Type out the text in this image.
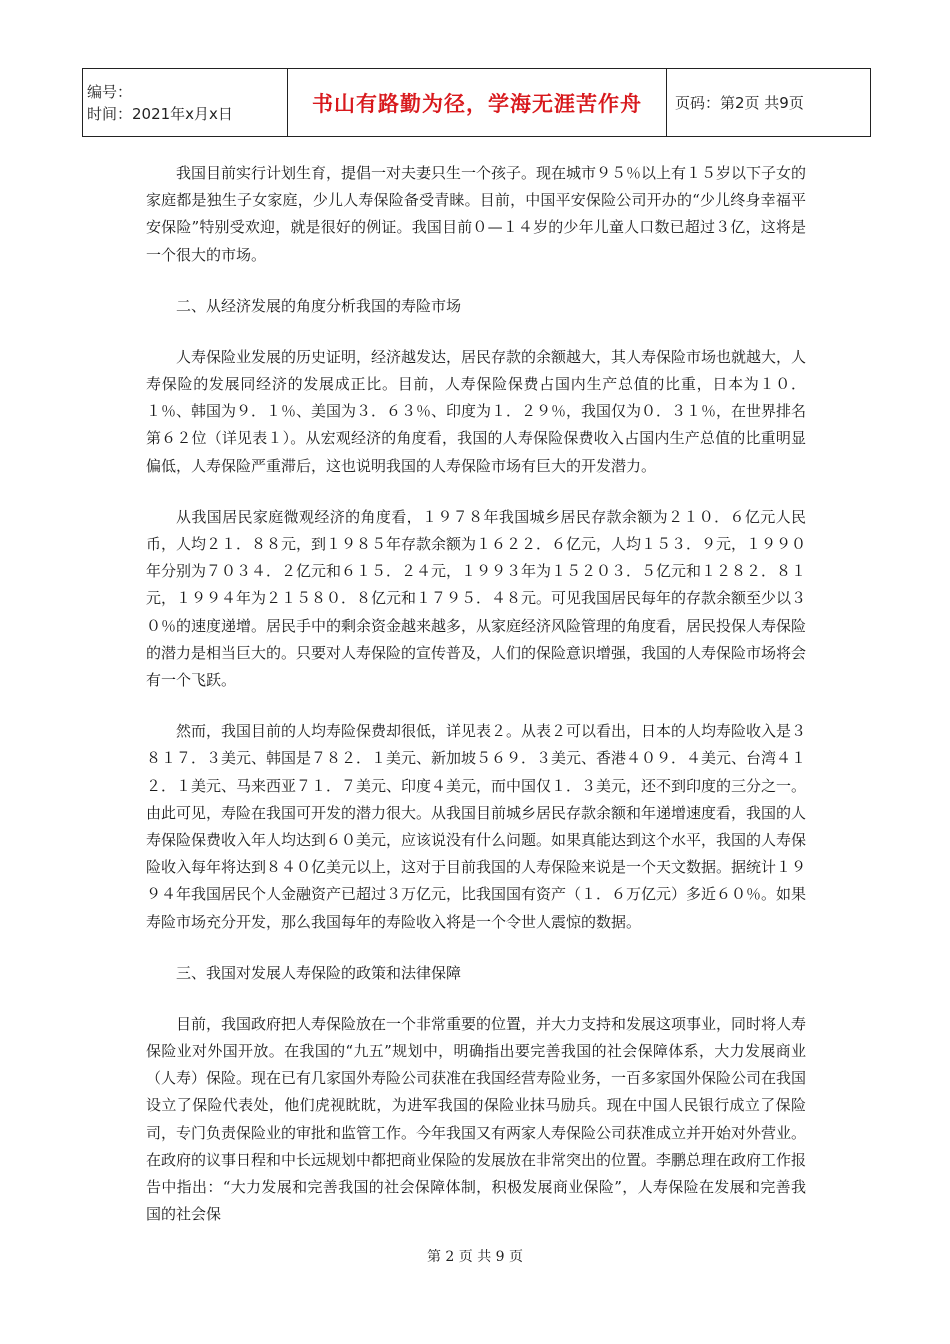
编号：
时间：2021年x月x日	书山有路勤为径，学海无涯苦作舟	页码：第2页 共9页

我国目前实行计划生育，提倡一对夫妻只生一个孩子。现在城市９５％以上有１５岁以下子女的家庭都是独生子女家庭，少儿人寿保险备受青睐。目前，中国平安保险公司开办的“少儿终身幸福平安保险”特别受欢迎，就是很好的例证。我国目前０—１４岁的少年儿童人口数已超过３亿，这将是一个很大的市场。

二、从经济发展的角度分析我国的寿险市场

人寿保险业发展的历史证明，经济越发达，居民存款的余额越大，其人寿保险市场也就越大，人寿保险的发展同经济的发展成正比。目前，人寿保险保费占国内生产总值的比重，日本为１０．１％、韩国为９．１％、美国为３．６３％、印度为１．２９％，我国仅为０．３１％，在世界排名第６２位（详见表１）。从宏观经济的角度看，我国的人寿保险保费收入占国内生产总值的比重明显偏低，人寿保险严重滞后，这也说明我国的人寿保险市场有巨大的开发潜力。

从我国居民家庭微观经济的角度看，１９７８年我国城乡居民存款余额为２１０．６亿元人民币，人均２１．８８元，到１９８５年存款余额为１６２２．６亿元，人均１５３．９元，１９９０年分别为７０３４．２亿元和６１５．２４元，１９９３年为１５２０３．５亿元和１２８２．８１元，１９９４年为２１５８０．８亿元和１７９５．４８元。可见我国居民每年的存款余额至少以３０％的速度递增。居民手中的剩余资金越来越多，从家庭经济风险管理的角度看，居民投保人寿保险的潜力是相当巨大的。只要对人寿保险的宣传普及，人们的保险意识增强，我国的人寿保险市场将会有一个飞跃。

然而，我国目前的人均寿险保费却很低，详见表２。从表２可以看出，日本的人均寿险收入是３８１７．３美元、韩国是７８２．１美元、新加坡５６９．３美元、香港４０９．４美元、台湾４１２．１美元、马来西亚７１．７美元、印度４美元，而中国仅１．３美元，还不到印度的三分之一。由此可见，寿险在我国可开发的潜力很大。从我国目前城乡居民存款余额和年递增速度看，我国的人寿保险保费收入年人均达到６０美元，应该说没有什么问题。如果真能达到这个水平，我国的人寿保险收入每年将达到８４０亿美元以上，这对于目前我国的人寿保险来说是一个天文数据。据统计１９９４年我国居民个人金融资产已超过３万亿元，比我国国有资产（１．６万亿元）多近６０％。如果寿险市场充分开发，那么我国每年的寿险收入将是一个令世人震惊的数据。

三、我国对发展人寿保险的政策和法律保障

目前，我国政府把人寿保险放在一个非常重要的位置，并大力支持和发展这项事业，同时将人寿保险业对外国开放。在我国的“九五”规划中，明确指出要完善我国的社会保障体系，大力发展商业（人寿）保险。现在已有几家国外寿险公司获准在我国经营寿险业务，一百多家国外保险公司在我国设立了保险代表处，他们虎视眈眈，为进军我国的保险业抹马励兵。现在中国人民银行成立了保险司，专门负责保险业的审批和监管工作。今年我国又有两家人寿保险公司获准成立并开始对外营业。在政府的议事日程和中长远规划中都把商业保险的发展放在非常突出的位置。李鹏总理在政府工作报告中指出：“大力发展和完善我国的社会保障体制，积极发展商业保险”，人寿保险在发展和完善我国的社会保

第 2 页 共 9 页
